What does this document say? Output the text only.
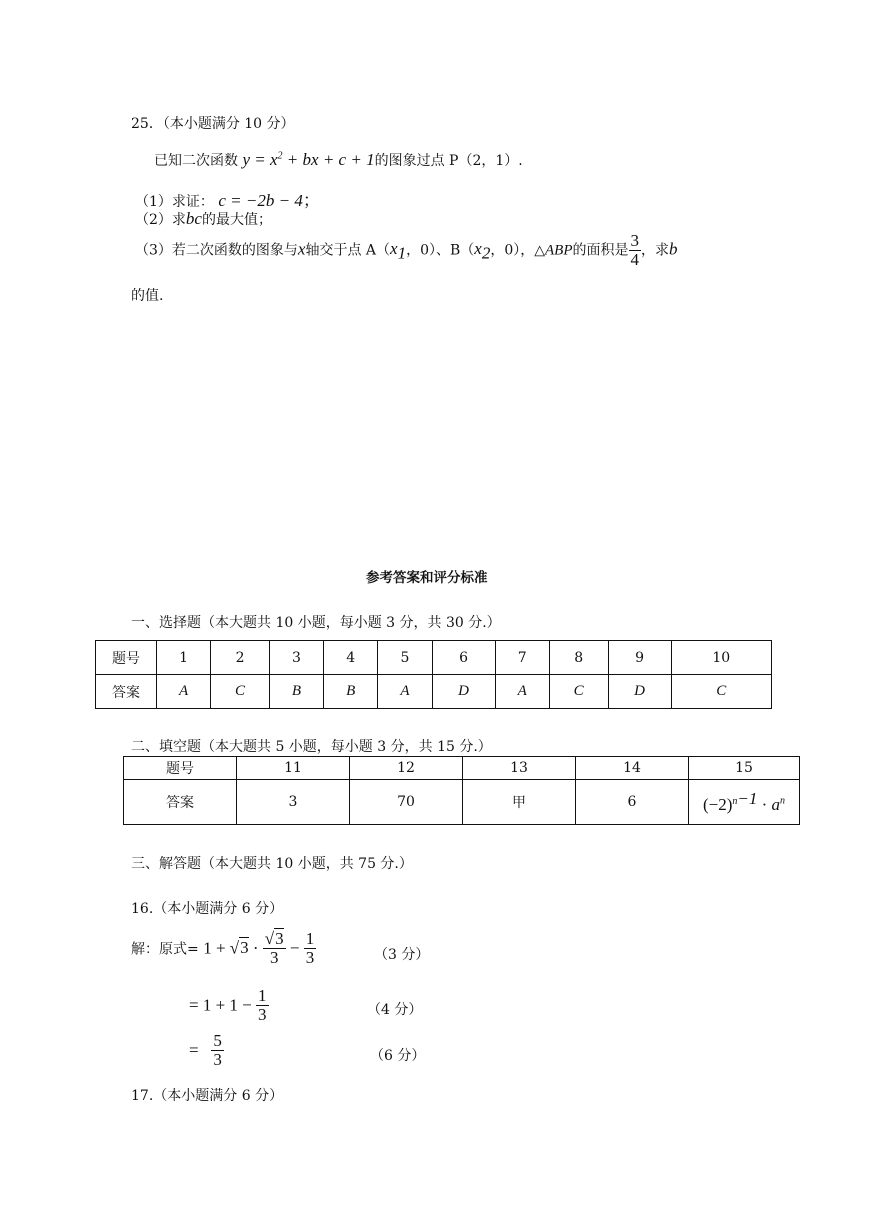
25．（本小题满分 10 分）
已知二次函数 $y = x^2$ + bx + c + 1的图象过点 P（2，1）.
（1）求证： c = −2b − 4；
（2）求bc的最大值；
（3）若二次函数的图象与x轴交于点 $A(x_1$，0）、$B(x_2$，0），△ABP的面积是 $\frac{3}{4}$ ，求b
的值.
参考答案和评分标准
一、选择题（本大题共 10 小题，每小题 3 分，共 30 分.）
题号	1	2	3	4	5	6	7	8	9	10
答案	A	C	B	B	A	D	A	C	D	C
二、填空题（本大题共 5 小题，每小题 3 分，共 15 分.）
题号	11	12	13	14	15
答案	3	70	甲	6	$(-2)^{n-1} \cdot a^n$
三、解答题（本大题共 10 小题，共 75 分.）
16.（本小题满分 6 分）
解：原式= $1 + √3 \cdot \frac{√3}{3} - \frac{1}{3}$	（3 分）
= $1 + 1 - \frac{1}{3}$	（4 分）
= $\frac{5}{3}$	（6 分）
17.（本小题满分 6 分）
